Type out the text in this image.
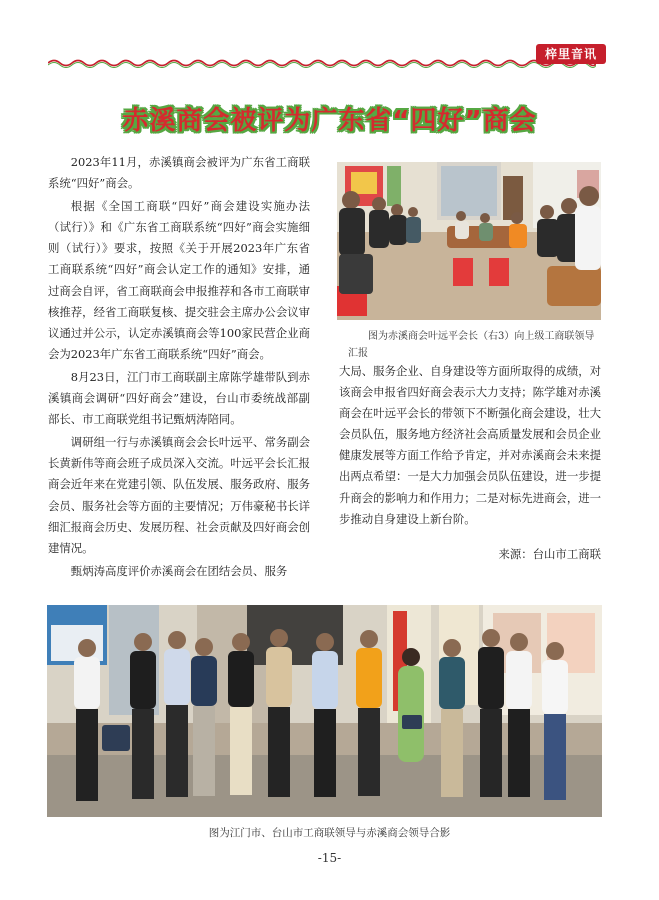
梓里音讯
赤溪商会被评为广东省“四好”商会

2023年11月，赤溪镇商会被评为广东省工商联系统“四好”商会。

根据《全国工商联“四好”商会建设实施办法（试行）》和《广东省工商联系统“四好”商会实施细则（试行）》要求，按照《关于开展2023年广东省工商联系统“四好”商会认定工作的通知》安排，通过商会自评，省工商联商会申报推荐和各市工商联审核推荐，经省工商联复核、提交驻会主席办公会议审议通过并公示，认定赤溪镇商会等100家民营企业商会为2023年广东省工商联系统“四好”商会。

8月23日，江门市工商联副主席陈学雄带队到赤溪镇商会调研“四好商会”建设，台山市委统战部副部长、市工商联党组书记甄炳涛陪同。

调研组一行与赤溪镇商会会长叶远平、常务副会长黄新伟等商会班子成员深入交流。叶远平会长汇报商会近年来在党建引领、队伍发展、服务政府、服务会员、服务社会等方面的主要情况；万伟豪秘书长详细汇报商会历史、发展历程、社会贡献及四好商会创建情况。

甄炳涛高度评价赤溪商会在团结会员、服务

图为赤溪商会叶远平会长（右3）向上级工商联领导汇报

大局、服务企业、自身建设等方面所取得的成绩，对该商会申报省四好商会表示大力支持；陈学雄对赤溪商会在叶远平会长的带领下不断强化商会建设，壮大会员队伍，服务地方经济社会高质量发展和会员企业健康发展等方面工作给予肯定，并对赤溪商会未来提出两点希望：一是大力加强会员队伍建设，进一步提升商会的影响力和作用力；二是对标先进商会，进一步推动自身建设上新台阶。

来源：台山市工商联
图为江门市、台山市工商联领导与赤溪商会领导合影
-15-
